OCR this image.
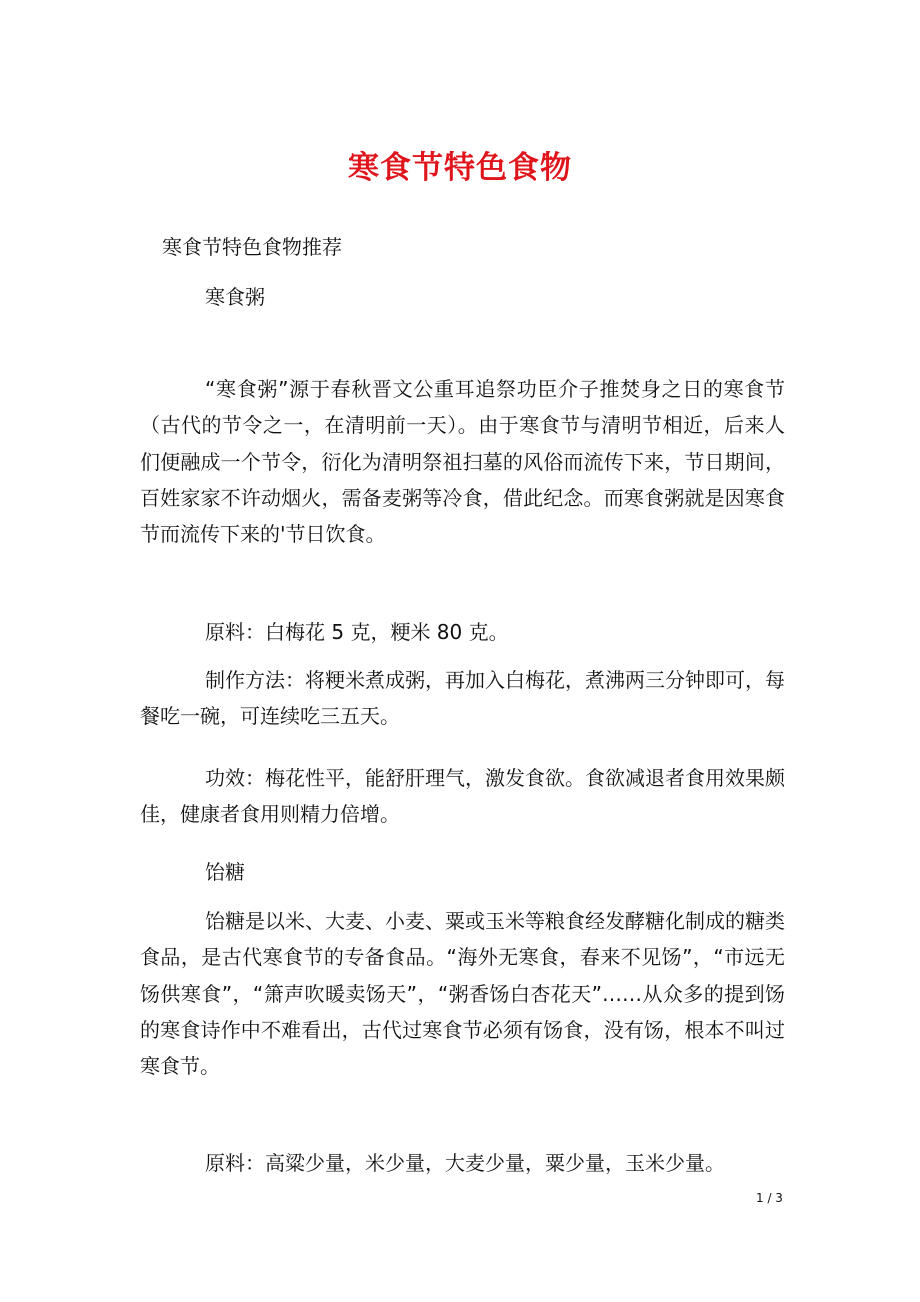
寒食节特色食物

寒食节特色食物推荐

寒食粥

“寒食粥”源于春秋晋文公重耳追祭功臣介子推焚身之日的寒食节（古代的节令之一，在清明前一天）。由于寒食节与清明节相近，后来人们便融成一个节令，衍化为清明祭祖扫墓的风俗而流传下来，节日期间，百姓家家不许动烟火，需备麦粥等冷食，借此纪念。而寒食粥就是因寒食节而流传下来的'节日饮食。

原料：白梅花 5 克，粳米 80 克。

制作方法：将粳米煮成粥，再加入白梅花，煮沸两三分钟即可，每餐吃一碗，可连续吃三五天。

功效：梅花性平，能舒肝理气，激发食欲。食欲减退者食用效果颇佳，健康者食用则精力倍增。

饴糖

饴糖是以米、大麦、小麦、粟或玉米等粮食经发酵糖化制成的糖类食品，是古代寒食节的专备食品。“海外无寒食，春来不见饧”，“市远无饧供寒食”，“箫声吹暖卖饧天”，“粥香饧白杏花天”……从众多的提到饧的寒食诗作中不难看出，古代过寒食节必须有饧食，没有饧，根本不叫过寒食节。

原料：高粱少量，米少量，大麦少量，粟少量，玉米少量。

1 / 3
